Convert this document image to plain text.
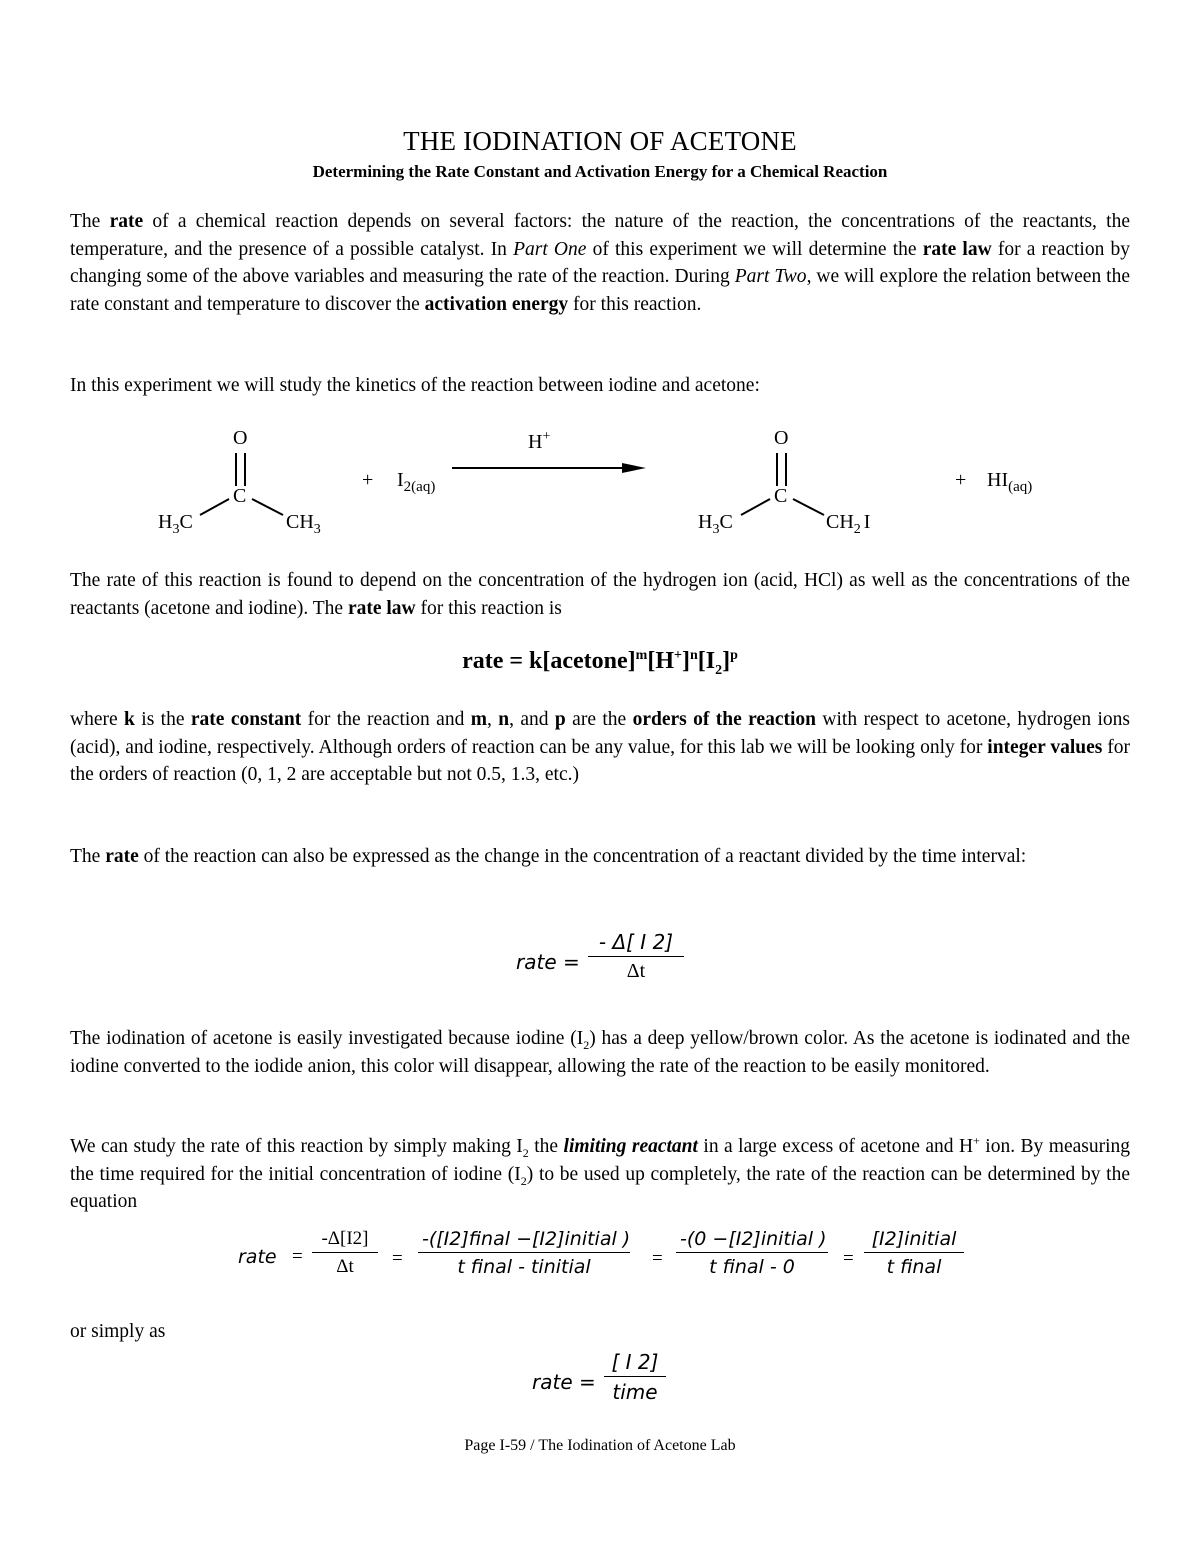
THE IODINATION OF ACETONE
Determining the Rate Constant and Activation Energy for a Chemical Reaction
The rate of a chemical reaction depends on several factors: the nature of the reaction, the concentrations of the reactants, the temperature, and the presence of a possible catalyst. In Part One of this experiment we will determine the rate law for a reaction by changing some of the above variables and measuring the rate of the reaction. During Part Two, we will explore the relation between the rate constant and temperature to discover the activation energy for this reaction.
In this experiment we will study the kinetics of the reaction between iodine and acetone:
O
C
$H_3C$	$CH_3$
+ $I_{2(aq)}$
H+	O
C
$H_3C$	$CH_2$ I
+ $HI_{(aq)}$
The rate of this reaction is found to depend on the concentration of the hydrogen ion (acid, HCl) as well as the concentrations of the reactants (acetone and iodine). The rate law for this reaction is
rate = $k[acetone]^m[H^+]^n[I_2]^p$
where k is the rate constant for the reaction and m, n, and p are the orders of the reaction with respect to acetone, hydrogen ions (acid), and iodine, respectively. Although orders of reaction can be any value, for this lab we will be looking only for integer values for the orders of reaction (0, 1, 2 are acceptable but not 0.5, 1.3, etc.)
The rate of the reaction can also be expressed as the change in the concentration of a reactant divided by the time interval:
rate =
- Δ[ I 2]
Δt
The iodination of acetone is easily investigated because iodine $(I_2)$ has a deep yellow/brown color. As the acetone is iodinated and the iodine converted to the iodide anion, this color will disappear, allowing the rate of the reaction to be easily monitored.
We can study the rate of this reaction by simply making $I_2$ the limiting reactant in a large excess of acetone and H+ ion. By measuring the time required for the initial concentration of iodine $(I_2)$ to be used up completely, the rate of the reaction can be determined by the equation
rate =
-Δ[I2]
Δt	=
-([I2]final −[I2]initial )
t final - tinitial	=
-(0 −[I2]initial )
t final - 0	=
[I2]initial
t final
or simply as
rate =
[ I 2]
time
Page I-59 / The Iodination of Acetone Lab
